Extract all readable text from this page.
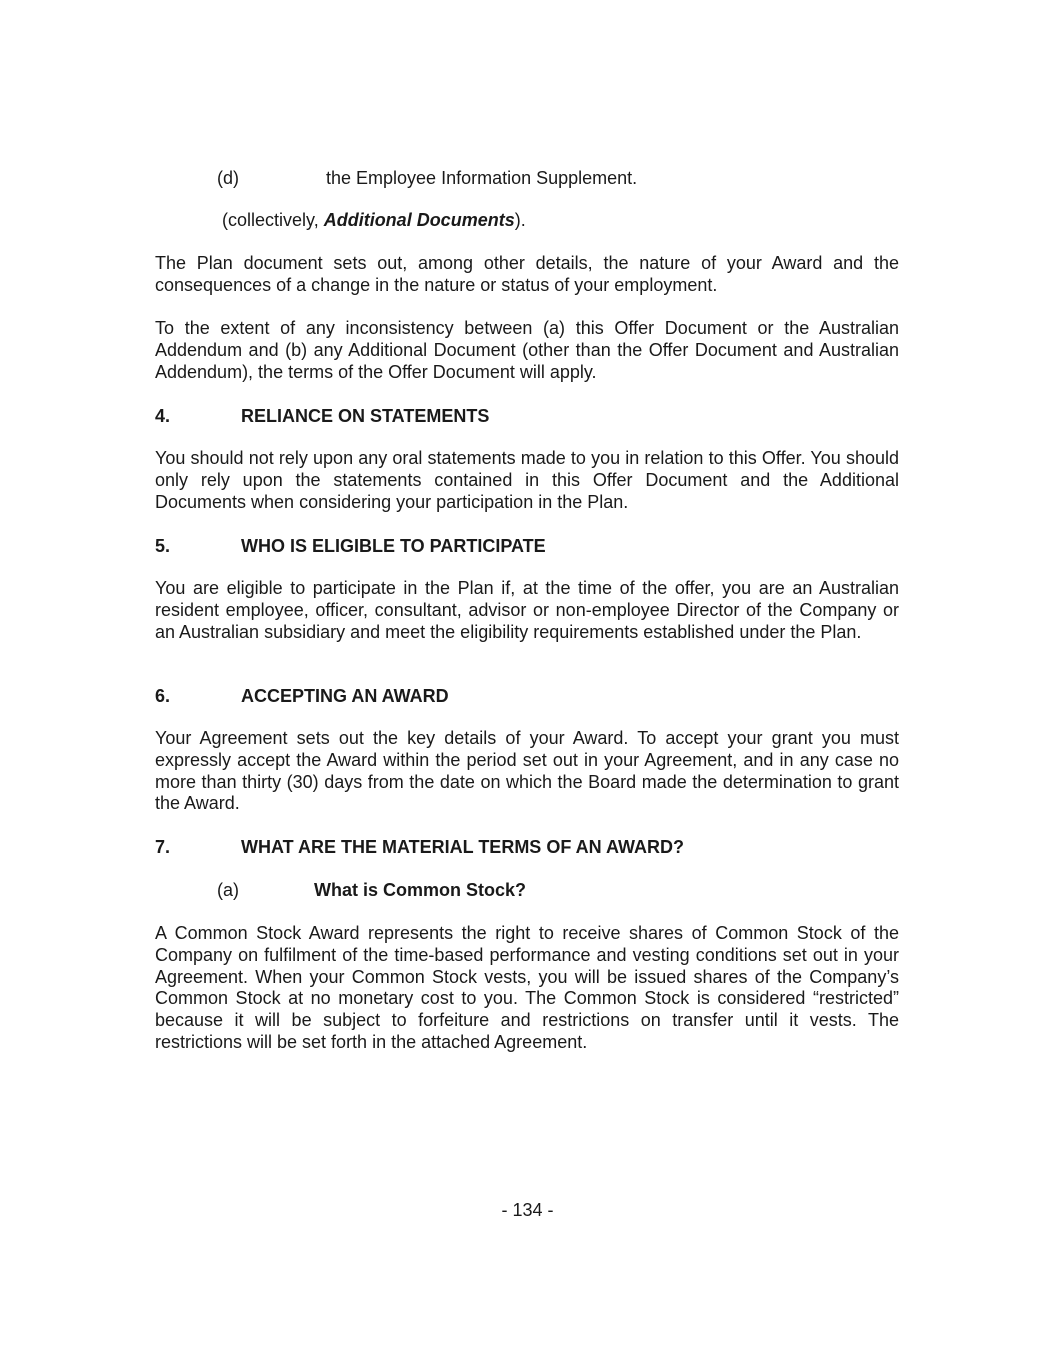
(d)	the Employee Information Supplement.
(collectively, Additional Documents).

The Plan document sets out, among other details, the nature of your Award and the consequences of a change in the nature or status of your employment.

To the extent of any inconsistency between (a) this Offer Document or the Australian Addendum and (b) any Additional Document (other than the Offer Document and Australian Addendum), the terms of the Offer Document will apply.

4.	RELIANCE ON STATEMENTS

You should not rely upon any oral statements made to you in relation to this Offer. You should only rely upon the statements contained in this Offer Document and the Additional Documents when considering your participation in the Plan.

5.	WHO IS ELIGIBLE TO PARTICIPATE

You are eligible to participate in the Plan if, at the time of the offer, you are an Australian resident employee, officer, consultant, advisor or non-employee Director of the Company or an Australian subsidiary and meet the eligibility requirements established under the Plan.

6.	ACCEPTING AN AWARD

Your Agreement sets out the key details of your Award. To accept your grant you must expressly accept the Award within the period set out in your Agreement, and in any case no more than thirty (30) days from the date on which the Board made the determination to grant the Award.

7.	WHAT ARE THE MATERIAL TERMS OF AN AWARD?
(a)	What is Common Stock?

A Common Stock Award represents the right to receive shares of Common Stock of the Company on fulfilment of the time-based performance and vesting conditions set out in your Agreement. When your Common Stock vests, you will be issued shares of the Company’s Common Stock at no monetary cost to you. The Common Stock is considered “restricted” because it will be subject to forfeiture and restrictions on transfer until it vests. The restrictions will be set forth in the attached Agreement.

- 134 -
